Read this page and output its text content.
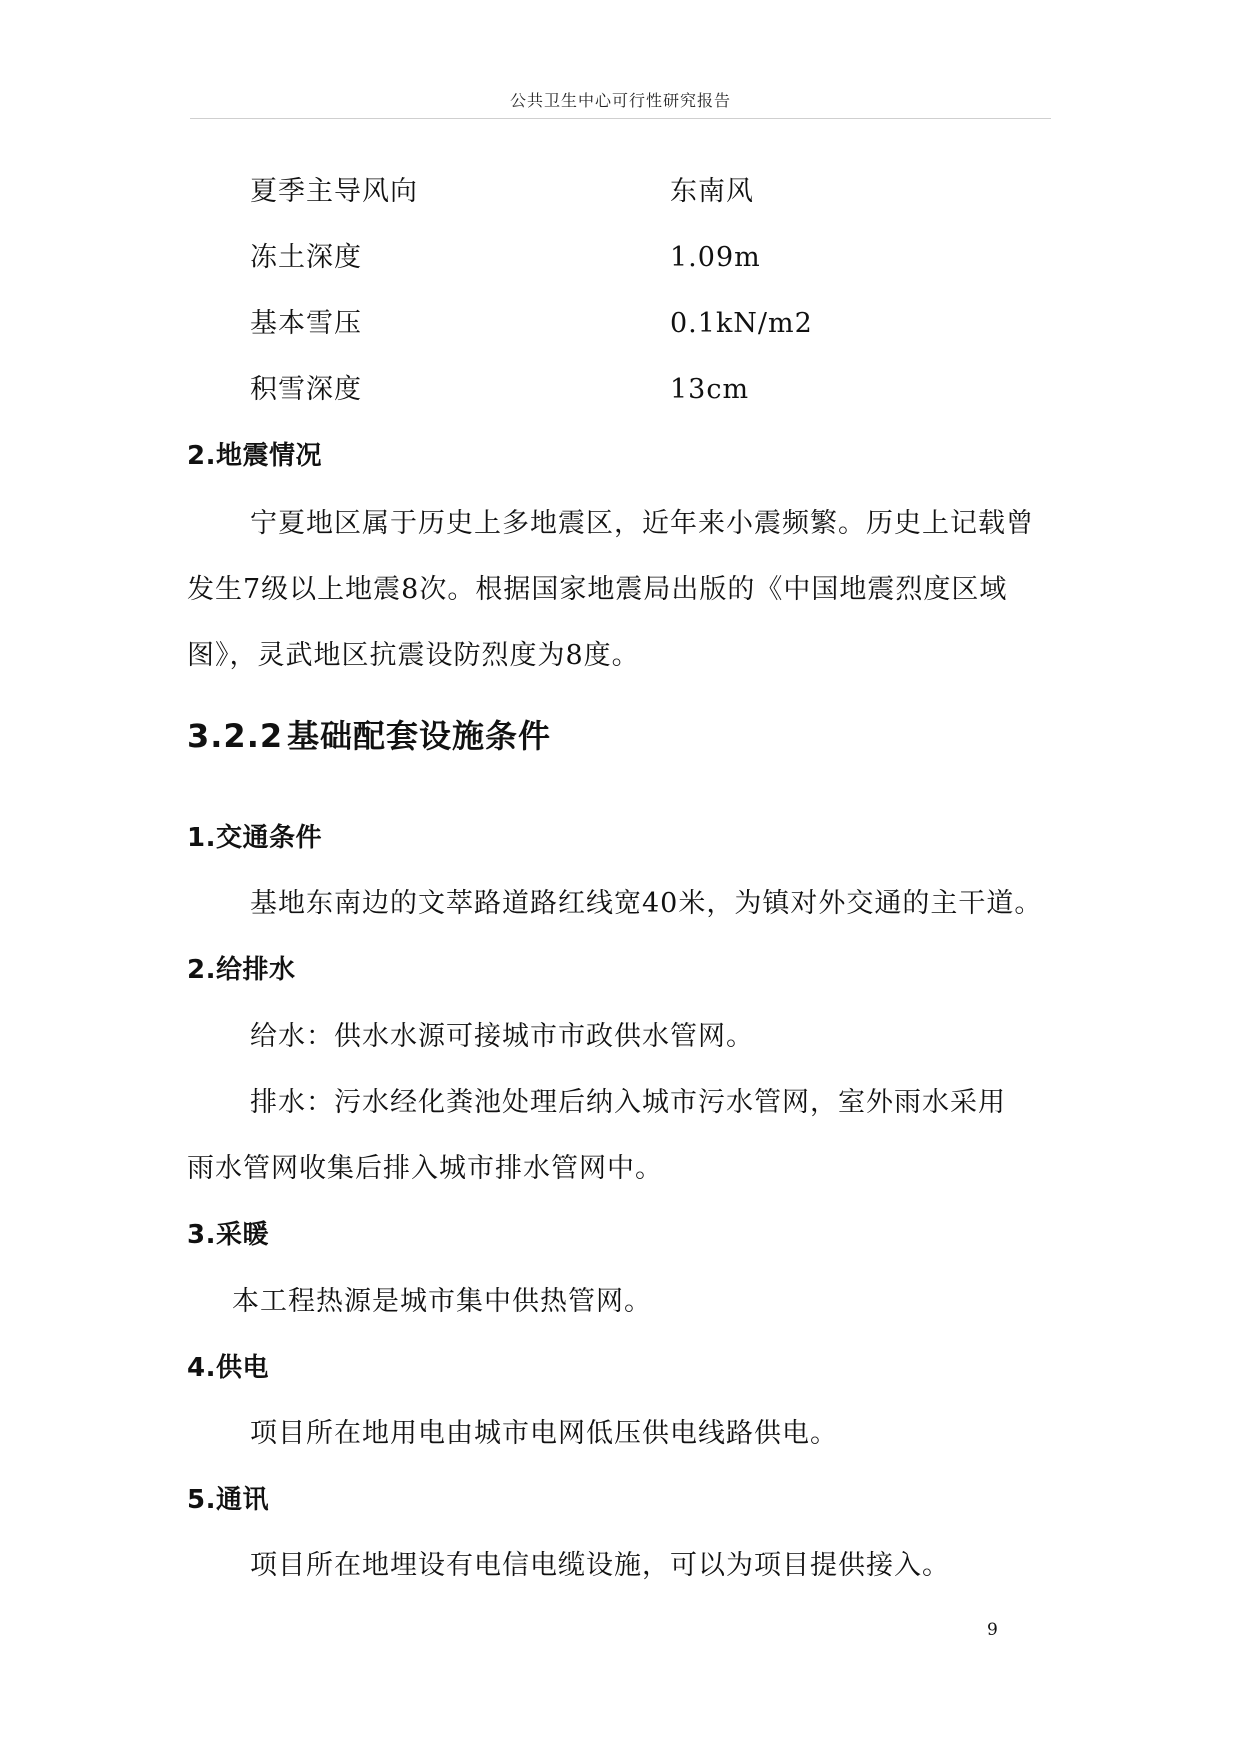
公共卫生中心可行性研究报告
夏季主导风向	东南风
冻土深度	1.09m
基本雪压	0.1kN/m2
积雪深度	13cm
2.地震情况
宁夏地区属于历史上多地震区，近年来小震频繁。历史上记载曾
发生7级以上地震8次。根据国家地震局出版的《中国地震烈度区域
图》，灵武地区抗震设防烈度为8度。
3.2.2 基础配套设施条件
1.交通条件
基地东南边的文萃路道路红线宽40米，为镇对外交通的主干道。
2.给排水
给水：供水水源可接城市市政供水管网。
排水：污水经化粪池处理后纳入城市污水管网，室外雨水采用
雨水管网收集后排入城市排水管网中。
3.采暖
本工程热源是城市集中供热管网。
4.供电
项目所在地用电由城市电网低压供电线路供电。
5.通讯
项目所在地埋设有电信电缆设施，可以为项目提供接入。
9
